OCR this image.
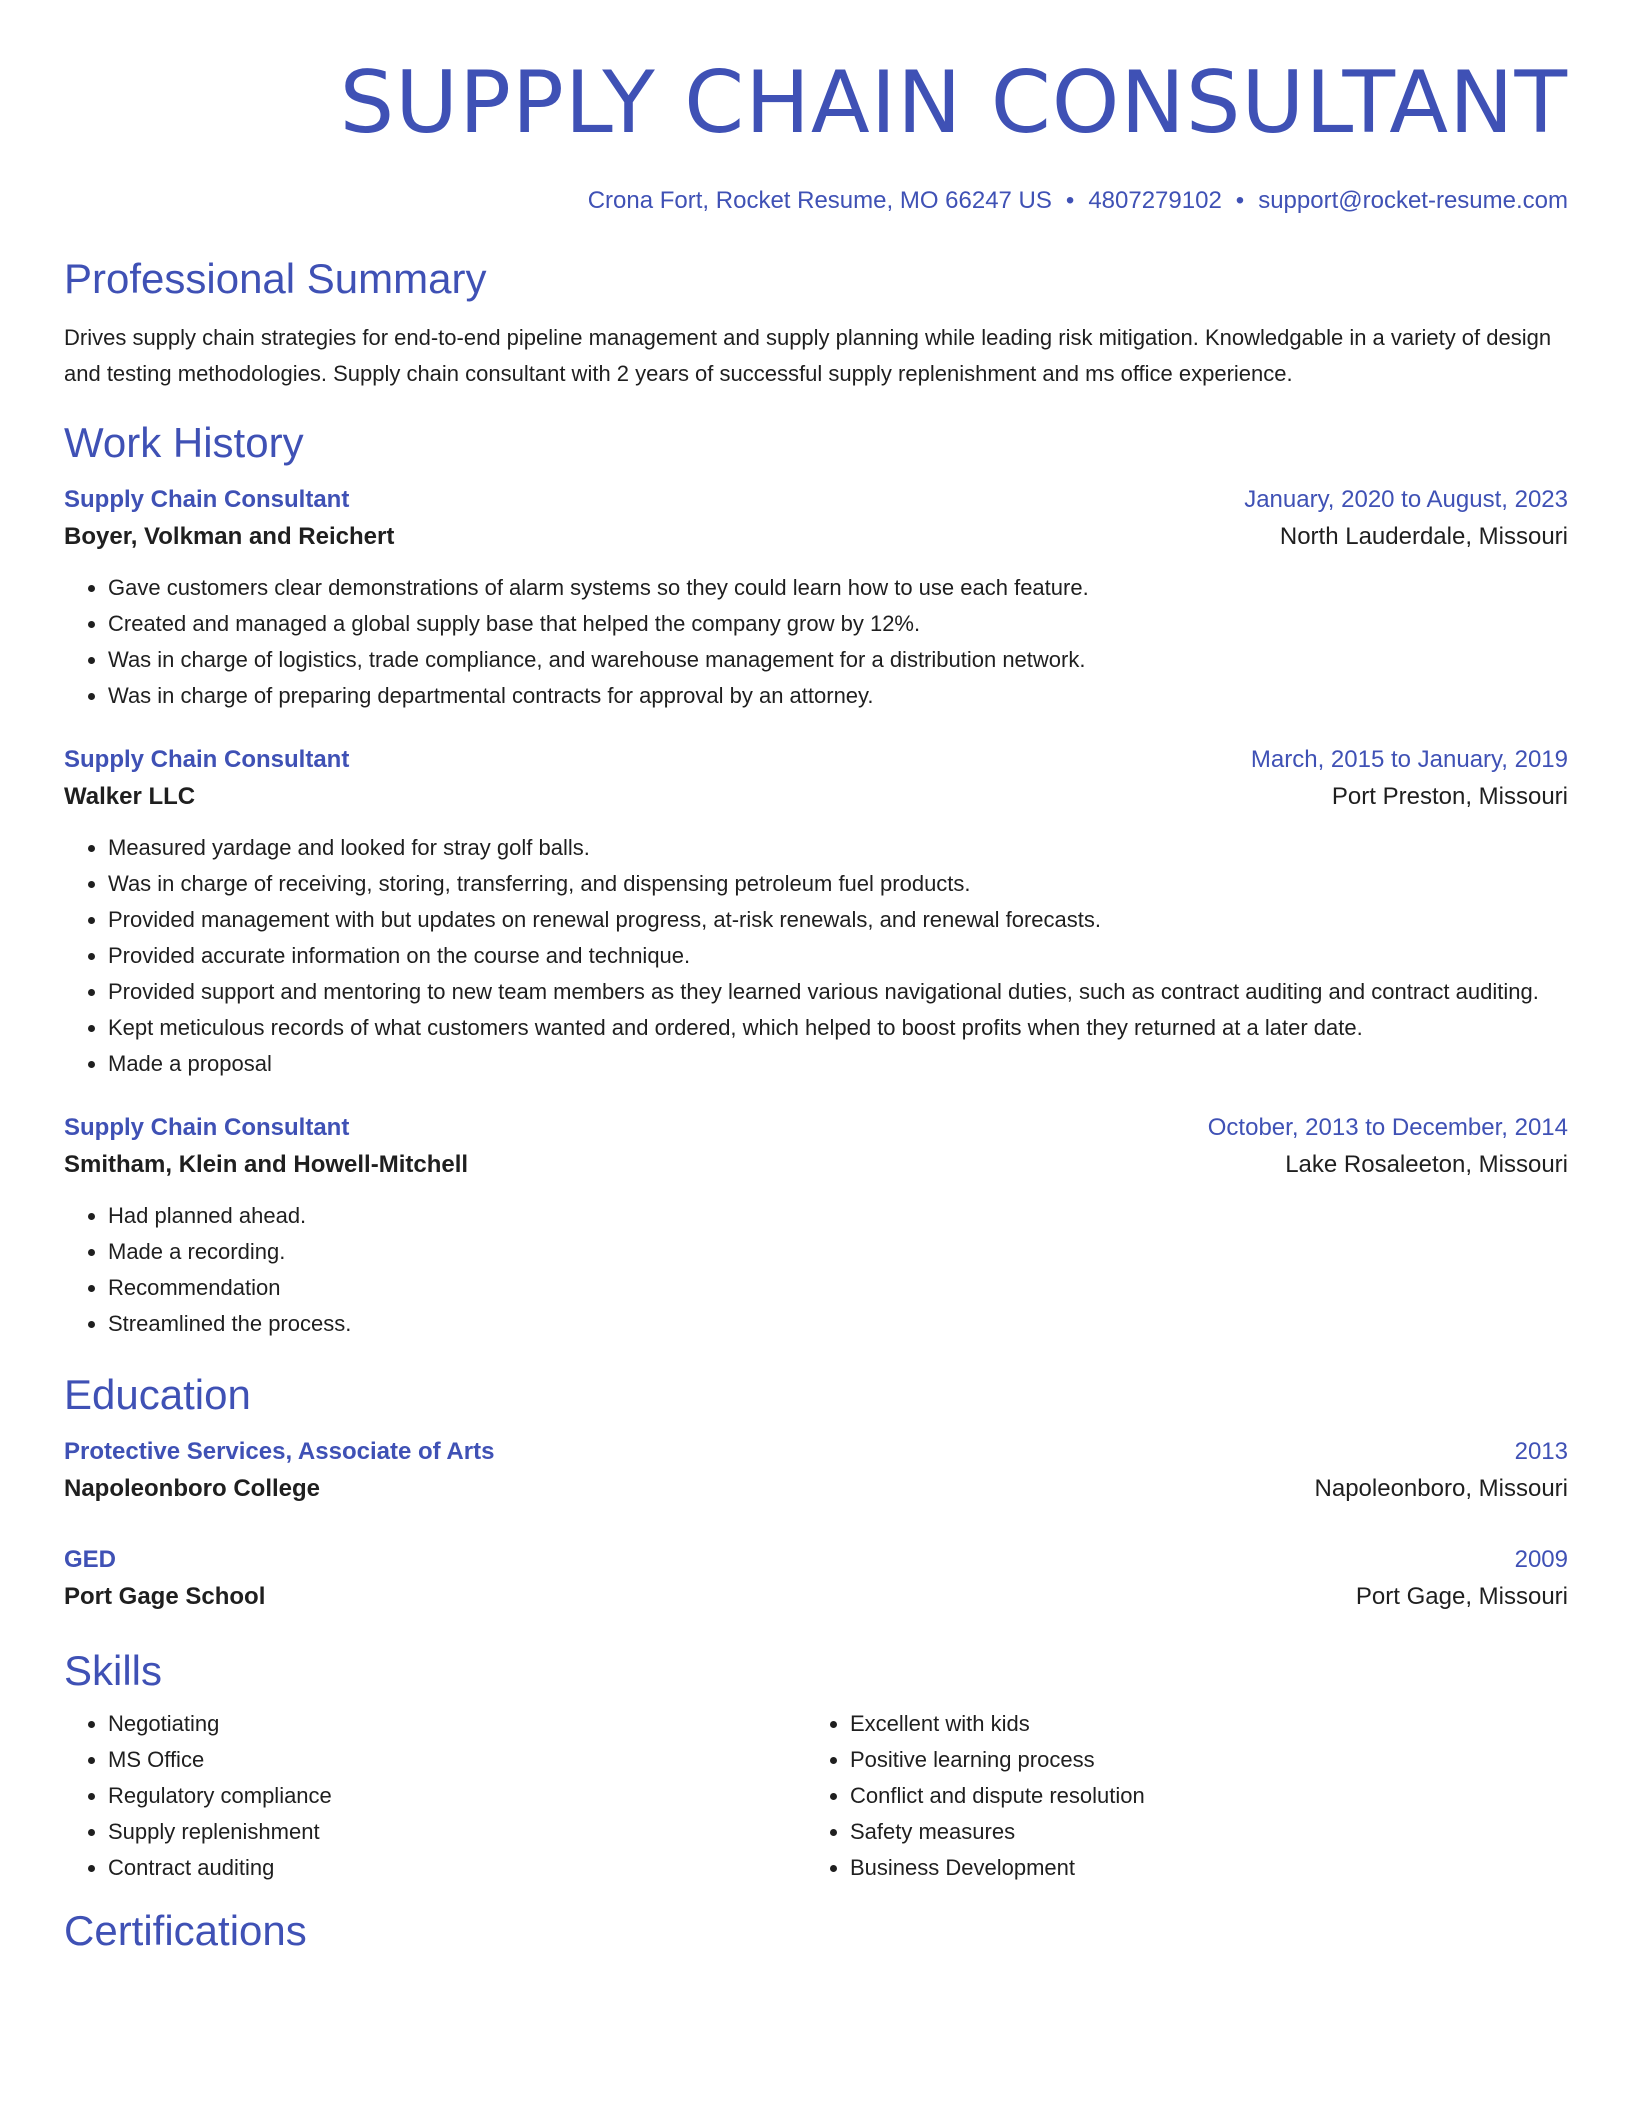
SUPPLY CHAIN CONSULTANT
Crona Fort, Rocket Resume, MO 66247 US • 4807279102 • support@rocket-resume.com
Professional Summary

Drives supply chain strategies for end-to-end pipeline management and supply planning while leading risk mitigation. Knowledgable in a variety of design and testing methodologies. Supply chain consultant with 2 years of successful supply replenishment and ms office experience.

Work History
Supply Chain Consultant	January, 2020 to August, 2023
Boyer, Volkman and Reichert	North Lauderdale, Missouri
• Gave customers clear demonstrations of alarm systems so they could learn how to use each feature.
• Created and managed a global supply base that helped the company grow by 12%.
• Was in charge of logistics, trade compliance, and warehouse management for a distribution network.
• Was in charge of preparing departmental contracts for approval by an attorney.
Supply Chain Consultant	March, 2015 to January, 2019
Walker LLC	Port Preston, Missouri
• Measured yardage and looked for stray golf balls.
• Was in charge of receiving, storing, transferring, and dispensing petroleum fuel products.
• Provided management with but updates on renewal progress, at-risk renewals, and renewal forecasts.
• Provided accurate information on the course and technique.
• Provided support and mentoring to new team members as they learned various navigational duties, such as contract auditing and contract auditing.
• Kept meticulous records of what customers wanted and ordered, which helped to boost profits when they returned at a later date.
• Made a proposal
Supply Chain Consultant	October, 2013 to December, 2014
Smitham, Klein and Howell-Mitchell	Lake Rosaleeton, Missouri
• Had planned ahead.
• Made a recording.
• Recommendation
• Streamlined the process.
Education
Protective Services, Associate of Arts	2013
Napoleonboro College	Napoleonboro, Missouri
GED	2009
Port Gage School	Port Gage, Missouri
Skills
• Negotiating
• MS Office
• Regulatory compliance
• Supply replenishment
• Contract auditing
• Excellent with kids
• Positive learning process
• Conflict and dispute resolution
• Safety measures
• Business Development
Certifications
